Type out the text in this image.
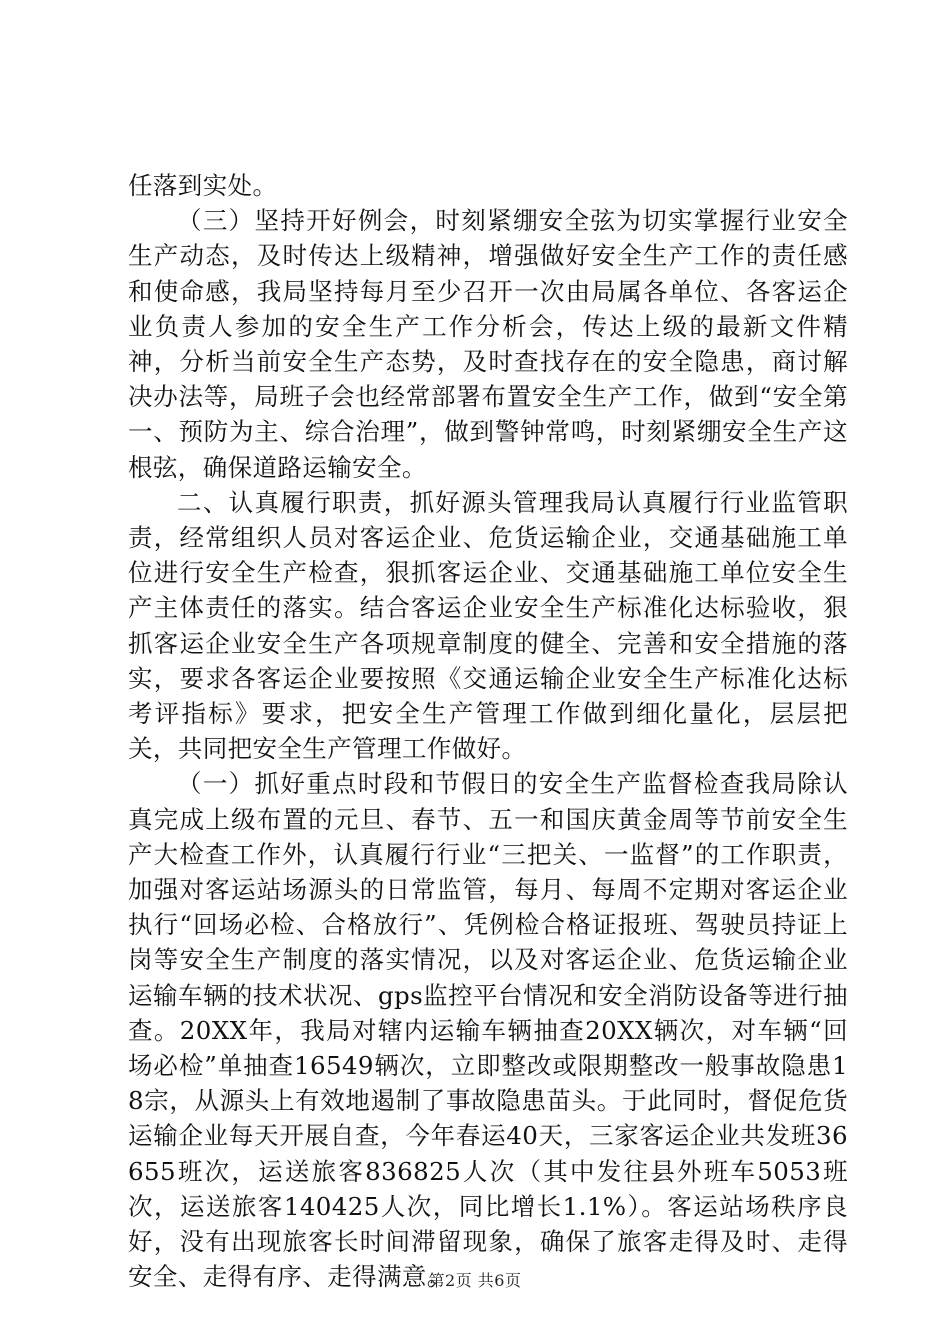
任落到实处。

（三）坚持开好例会，时刻紧绷安全弦为切实掌握行业安全生产动态，及时传达上级精神，增强做好安全生产工作的责任感和使命感，我局坚持每月至少召开一次由局属各单位、各客运企业负责人参加的安全生产工作分析会，传达上级的最新文件精神，分析当前安全生产态势，及时查找存在的安全隐患，商讨解决办法等，局班子会也经常部署布置安全生产工作，做到“安全第一、预防为主、综合治理”，做到警钟常鸣，时刻紧绷安全生产这根弦，确保道路运输安全。

二、认真履行职责，抓好源头管理我局认真履行行业监管职责，经常组织人员对客运企业、危货运输企业，交通基础施工单位进行安全生产检查，狠抓客运企业、交通基础施工单位安全生产主体责任的落实。结合客运企业安全生产标准化达标验收，狠抓客运企业安全生产各项规章制度的健全、完善和安全措施的落实，要求各客运企业要按照《交通运输企业安全生产标准化达标考评指标》要求，把安全生产管理工作做到细化量化，层层把关，共同把安全生产管理工作做好。

（一）抓好重点时段和节假日的安全生产监督检查我局除认真完成上级布置的元旦、春节、五一和国庆黄金周等节前安全生产大检查工作外，认真履行行业“三把关、一监督”的工作职责，加强对客运站场源头的日常监管，每月、每周不定期对客运企业执行“回场必检、合格放行”、凭例检合格证报班、驾驶员持证上岗等安全生产制度的落实情况，以及对客运企业、危货运输企业运输车辆的技术状况、gps监控平台情况和安全消防设备等进行抽查。20XX年，我局对辖内运输车辆抽查20XX辆次，对车辆“回场必检”单抽查16549辆次，立即整改或限期整改一般事故隐患18宗，从源头上有效地遏制了事故隐患苗头。于此同时，督促危货运输企业每天开展自查，今年春运40天，三家客运企业共发班36655班次，运送旅客836825人次（其中发往县外班车5053班次，运送旅客140425人次，同比增长1.1%）。客运站场秩序良好，没有出现旅客长时间滞留现象，确保了旅客走得及时、走得安全、走得有序、走得满意。

第2页 共6页
